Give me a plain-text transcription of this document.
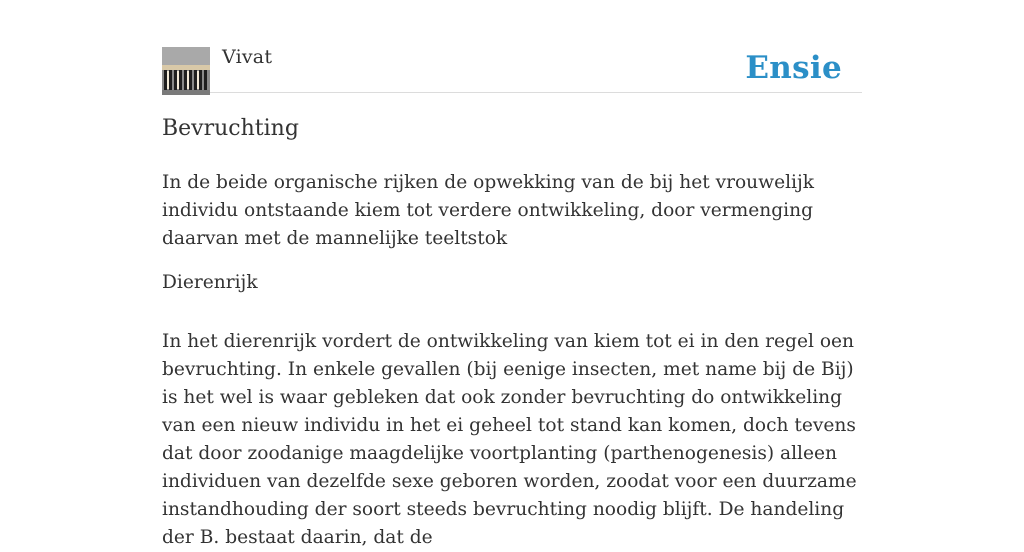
Vivat	Ensie
Bevruchting

In de beide organische rijken de opwekking van de bij het vrouwelijk individu ontstaande kiem tot verdere ontwikkeling, door vermenging daarvan met de mannelijke teeltstok

Dierenrijk

In het dierenrijk vordert de ontwikkeling van kiem tot ei in den regel oen bevruchting. In enkele gevallen (bij eenige insecten, met name bij de Bij) is het wel is waar gebleken dat ook zonder bevruchting do ontwikkeling van een nieuw individu in het ei geheel tot stand kan komen, doch tevens dat door zoodanige maagdelijke voortplanting (parthenogenesis) alleen individuen van dezelfde sexe geboren worden, zoodat voor een duurzame instandhouding der soort steeds bevruchting noodig blijft. De handeling der B. bestaat daarin, dat de
